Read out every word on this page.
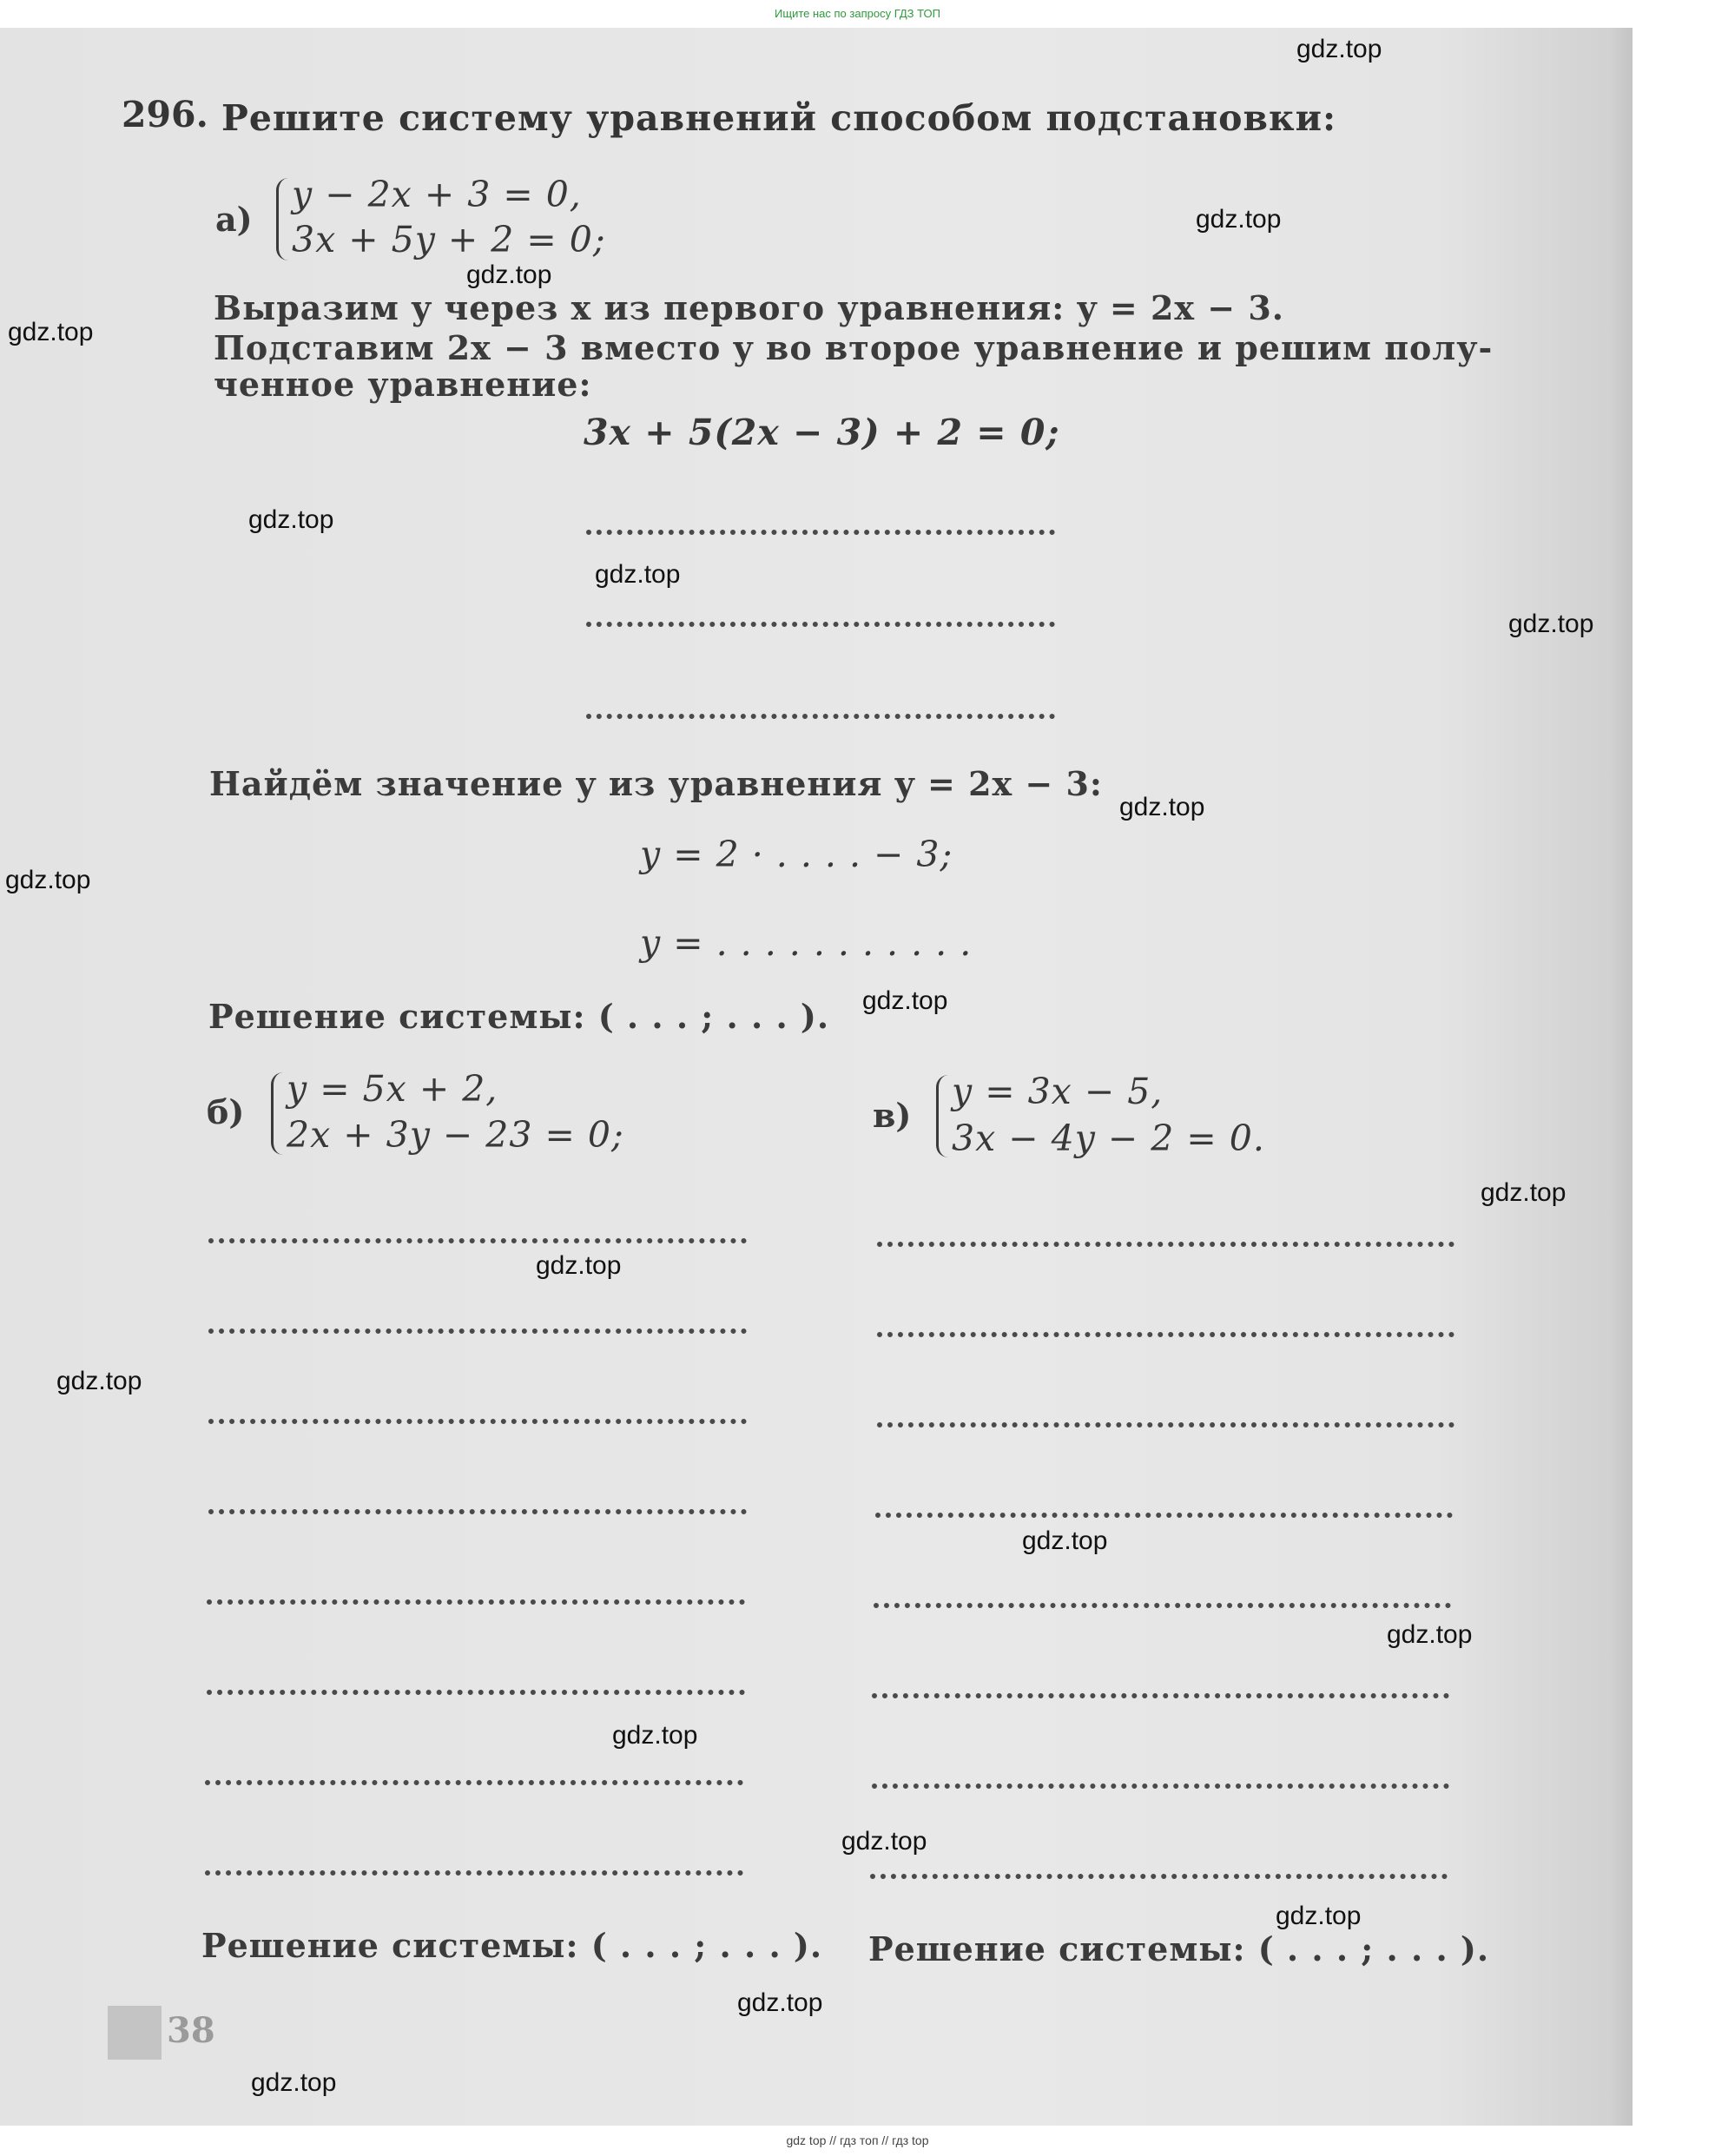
Ищите нас по запросу ГДЗ ТОП
296. Решите систему уравнений способом подстановки:
а)
y − 2x + 3 = 0,
3x + 5y + 2 = 0;
Выразим y через x из первого уравнения: y = 2x − 3.
Подставим 2x − 3 вместо y во второе уравнение и решим полу-
ченное уравнение:
3x + 5(2x − 3) + 2 = 0;
Найдём значение y из уравнения y = 2x − 3:
y = 2 · . . . . − 3;
y = . . . . . . . . . . .
Решение системы: ( . . . ; . . . ).
б)
y = 5x + 2,
2x + 3y − 23 = 0;	в)
y = 3x − 5,
3x − 4y − 2 = 0.
Решение системы: ( . . . ; . . . ). Решение системы: ( . . . ; . . . ).
38
gdz.top
gdz.top
gdz.top
gdz.top
gdz.top
gdz.top
gdz.top
gdz.top
gdz.top
gdz.top
gdz.top
gdz.top
gdz.top
gdz.top
gdz.top
gdz.top
gdz.top
gdz.top
gdz.top
gdz.top
gdz top // гдз топ // гдз top
